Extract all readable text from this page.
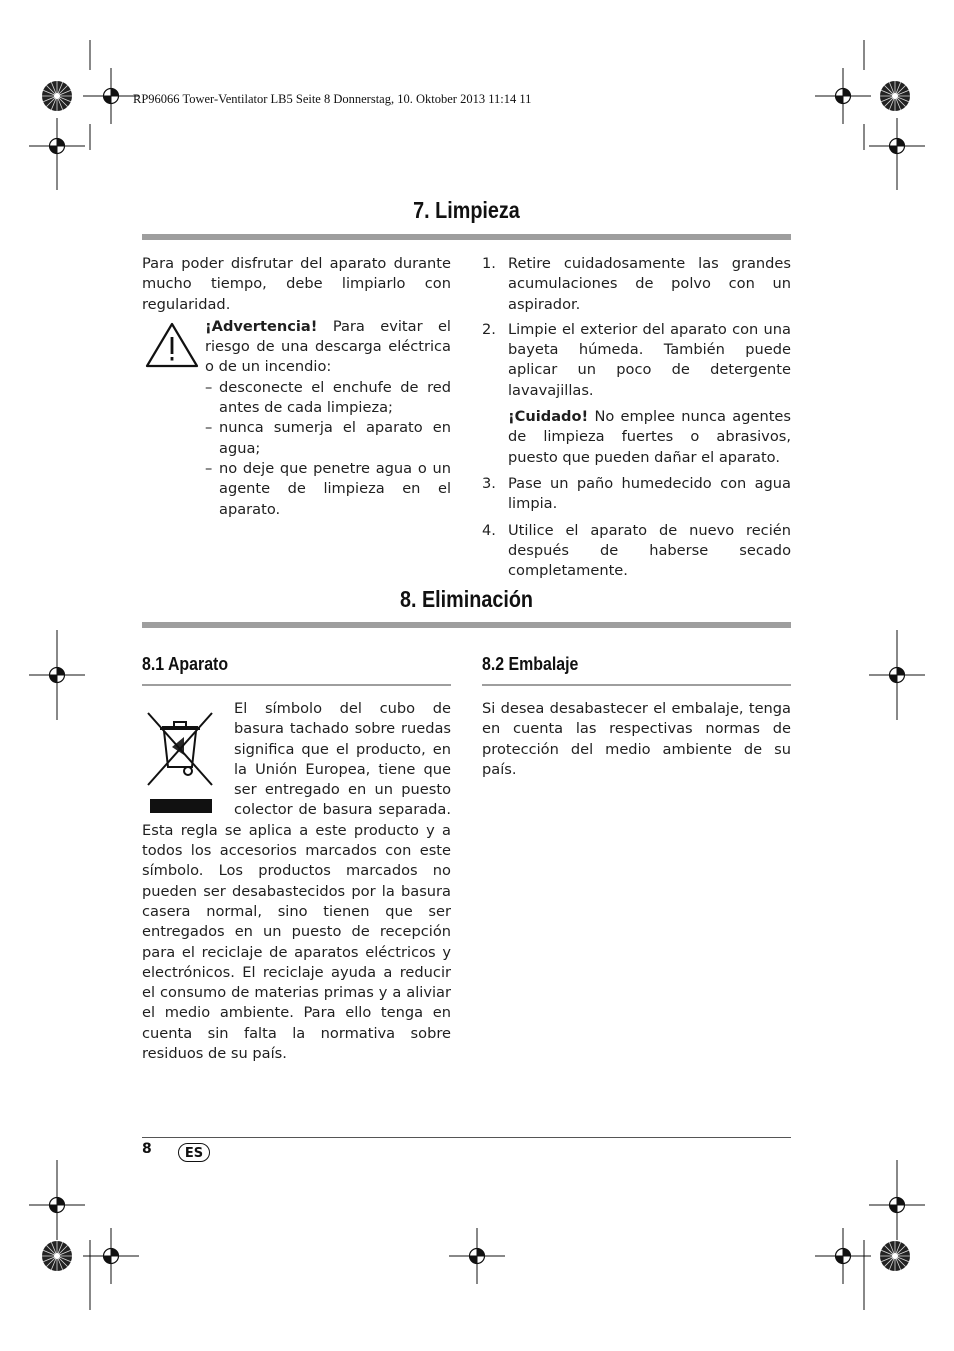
RP96066 Tower-Ventilator LB5 Seite 8 Donnerstag, 10. Oktober 2013 11:14 11
7. Limpieza

Para poder disfrutar del aparato durante mucho tiempo, debe limpiarlo con regularidad.

¡Advertencia! Para evitar el riesgo de una descarga eléctrica o de un incendio:

– desconecte el enchufe de red antes de cada limpieza;
– nunca sumerja el aparato en agua;
– no deje que penetre agua o un agente de limpieza en el aparato.
1. Retire cuidadosamente las grandes acumulaciones de polvo con un aspirador.
2. Limpie el exterior del aparato con una bayeta húmeda. También puede aplicar un poco de detergente lavavajillas.

¡Cuidado! No emplee nunca agentes de limpieza fuertes o abrasivos, puesto que pueden dañar el aparato.

3. Pase un paño humedecido con agua limpia.
4. Utilice el aparato de nuevo recién después de haberse secado completamente.
8. Eliminación
8.1 Aparato	8.2 Embalaje

El símbolo del cubo de basura tachado sobre ruedas significa que el producto, en la Unión Europea, tiene que ser entregado en un puesto colector de basura separada. Esta regla se aplica a este producto y a todos los accesorios marcados con este símbolo. Los productos marcados no pueden ser desabastecidos por la basura casera normal, sino tienen que ser entregados en un puesto de recepción para el reciclaje de aparatos eléctricos y electrónicos. El reciclaje ayuda a reducir el consumo de materias primas y a aliviar el medio ambiente. Para ello tenga en cuenta sin falta la normativa sobre residuos de su país.

Si desea desabastecer el embalaje, tenga en cuenta las respectivas normas de protección del medio ambiente de su país.

8	ES
